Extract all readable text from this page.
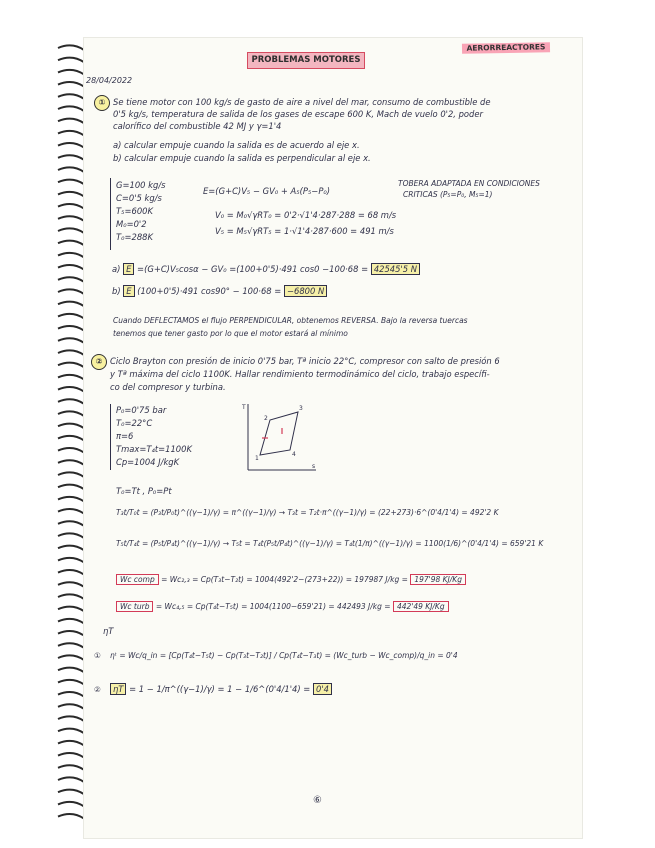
AERORREACTORES
PROBLEMAS MOTORES
28/04/2022
① Se tiene motor con 100 kg/s de gasto de aire a nivel del mar, consumo de combustible de
0'5 kg/s, temperatura de salida de los gases de escape 600 K, Mach de vuelo 0'2, poder
calorífico del combustible 42 MJ y γ=1'4
a) calcular empuje cuando la salida es de acuerdo al eje x.
b) calcular empuje cuando la salida es perpendicular al eje x.
G=100 kg/s
C=0'5 kg/s
T₅=600K
M₀=0'2
T₀=288K
E=(G+C)V₅ − GV₀ + A₅(P₅−P₀)
TOBERA ADAPTADA EN CONDICIONES
CRITICAS (P₅=P₀, M₅=1)
V₀ = M₀√γRT₀ = 0'2·√1'4·287·288 = 68 m/s
V₅ = M₅√γRT₅ = 1·√1'4·287·600 = 491 m/s
a) E =(G+C)V₅cosα − GV₀ =(100+0'5)·491 cos0 −100·68 = 42545'5 N
b) E (100+0'5)·491 cos90° − 100·68 = −6800 N
Cuando DEFLECTAMOS el flujo PERPENDICULAR, obtenemos REVERSA. Bajo la reversa tuercas
tenemos que tener gasto por lo que el motor estará al mínimo
② Ciclo Brayton con presión de inicio 0'75 bar, Tª inicio 22°C, compresor con salto de presión 6
y Tª máxima del ciclo 1100K. Hallar rendimiento termodinámico del ciclo, trabajo específi-
co del compresor y turbina.
P₀=0'75 bar
T₀=22°C
π=6
Tmax=T₄t=1100K
Cp=1004 J/kgK
T
s
1
2
3
4
T₀=Tt , P₀=Pt
T₃t/T₀t = (P₃t/P₀t)^((γ−1)/γ) = π^((γ−1)/γ) → T₃t = T₂t·π^((γ−1)/γ) = (22+273)·6^(0'4/1'4) = 492'2 K
T₅t/T₄t = (P₅t/P₄t)^((γ−1)/γ) → T₅t = T₄t(P₅t/P₄t)^((γ−1)/γ) = T₄t(1/π)^((γ−1)/γ) = 1100(1/6)^(0'4/1'4) = 659'21 K
Wc comp = Wc₂,₃ = Cp(T₃t−T₂t) = 1004(492'2−(273+22)) = 197987 J/kg = 197'98 KJ/Kg
Wc turb = Wc₄,₅ = Cp(T₄t−T₅t) = 1004(1100−659'21) = 442493 J/kg = 442'49 KJ/Kg
ηT
① ηᵗ = Wc/q_in = [Cp(T₄t−T₅t) − Cp(T₃t−T₂t)] / Cp(T₄t−T₃t) = (Wc_turb − Wc_comp)/q_in = 0'4
②	ηT = 1 − 1/π^((γ−1)/γ) = 1 − 1/6^(0'4/1'4) = 0'4
⑥
